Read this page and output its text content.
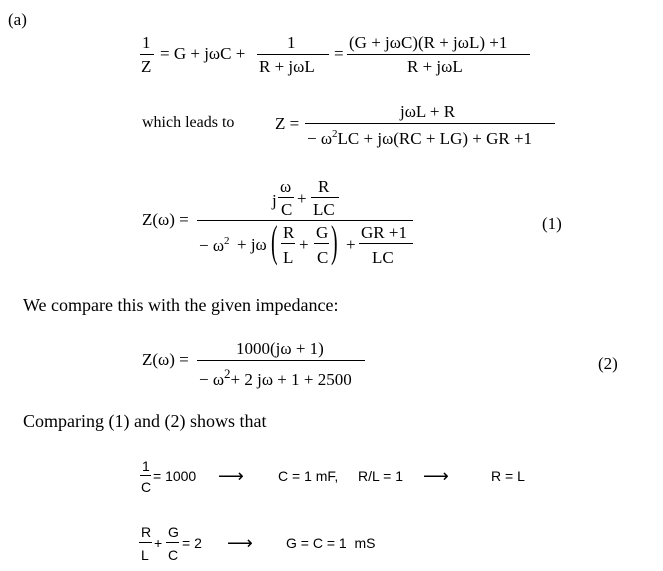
(a)
1
Z
= G + jωC +
1
R + jωL
=
(G + jωC)(R + jωL) +1
R + jωL
which leads to Z =
jωL + R
− $\omega^2LC + j\omega(RC + LG)$ + GR +1
Z(ω) =
j
ω
C
+
R
LC
− $\omega^2 + j\omega$ ( R
L
+
G
C ) +
GR +1
LC
(1)
We compare this with the given impedance:
Z(ω) =
1000(jω + 1)
− $\omega^2+ 2$ jω + 1 + 2500
(2)
Comparing (1) and (2) shows that
1
C
= 1000 ⟶ C = 1 mF, R/L = 1 ⟶	R = L
R
L
+
G
C
= 2 ⟶ G = C = 1  mS
